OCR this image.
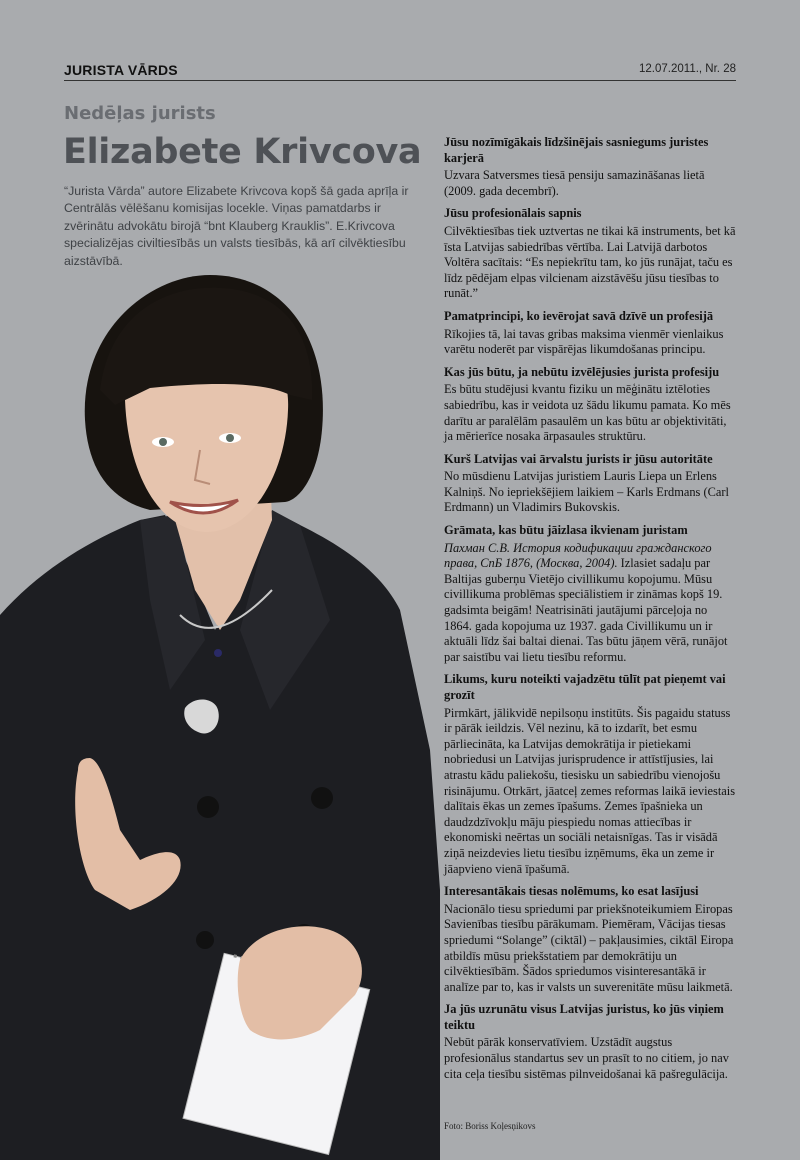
JURISTA VĀRDS	12.07.2011., Nr. 28
Nedēļas jurists
Elizabete Krivcova
“Jurista Vārda” autore Elizabete Krivcova kopš šā gada aprīļa ir Centrālās vēlēšanu komisijas locekle. Viņas pamatdarbs ir zvērinātu advokātu birojā “bnt Klauberg Krauklis”. E.Krivcova specializējas civiltiesībās un valsts tiesībās, kā arī cilvēktiesību aizstāvībā.

Jūsu nozīmīgākais līdzšinējais sasniegums juristes karjerā

Uzvara Satversmes tiesā pensiju samazināšanas lietā (2009. gada decembrī).

Jūsu profesionālais sapnis

Cilvēktiesības tiek uztvertas ne tikai kā instruments, bet kā īsta Latvijas sabiedrības vērtība. Lai Latvijā darbotos Voltēra sacītais: “Es nepiekrītu tam, ko jūs runājat, taču es līdz pēdējam elpas vilcienam aizstāvēšu jūsu tiesības to runāt.”

Pamatprincipi, ko ievērojat savā dzīvē un profesijā

Rīkojies tā, lai tavas gribas maksima vienmēr vienlaikus varētu noderēt par vispārējas likumdošanas principu.

Kas jūs būtu, ja nebūtu izvēlējusies jurista profesiju

Es būtu studējusi kvantu fiziku un mēģinātu iztēloties sabiedrību, kas ir veidota uz šādu likumu pamata. Ko mēs darītu ar paralēlām pasaulēm un kas būtu ar objektivitāti, ja mērierīce nosaka ārpasaules struktūru.

Kurš Latvijas vai ārvalstu jurists ir jūsu autoritāte

No mūsdienu Latvijas juristiem Lauris Liepa un Erlens Kalniņš. No iepriekšējiem laikiem – Karls Erdmans (Carl Erdmann) un Vladimirs Bukovskis.

Grāmata, kas būtu jāizlasa ikvienam juristam

Пахман С.В. История кодификации гражданского права, СпБ 1876, (Москва, 2004). Izlasiet sadaļu par Baltijas guberņu Vietējo civillikumu kopojumu. Mūsu civillikuma problēmas speciālistiem ir zināmas kopš 19. gadsimta beigām! Neatrisināti jautājumi pārceļoja no 1864. gada kopojuma uz 1937. gada Civillikumu un ir aktuāli līdz šai baltai dienai. Tas būtu jāņem vērā, runājot par saistību vai lietu tiesību reformu.

Likums, kuru noteikti vajadzētu tūlīt pat pieņemt vai grozīt

Pirmkārt, jālikvidē nepilsoņu institūts. Šis pagaidu statuss ir pārāk ieildzis. Vēl nezinu, kā to izdarīt, bet esmu pārliecināta, ka Latvijas demokrātija ir pietiekami nobriedusi un Latvijas jurisprudence ir attīstījusies, lai atrastu kādu paliekošu, tiesisku un sabiedrību vienojošu risinājumu. Otrkārt, jāatceļ zemes reformas laikā ieviestais dalītais ēkas un zemes īpašums. Zemes īpašnieka un daudzdzīvokļu māju piespiedu nomas attiecības ir ekonomiski neērtas un sociāli netaisnīgas. Tas ir visādā ziņā neizdevies lietu tiesību izņēmums, ēka un zeme ir jāapvieno vienā īpašumā.

Interesantākais tiesas nolēmums, ko esat lasījusi

Nacionālo tiesu spriedumi par priekšnoteikumiem Eiropas Savienības tiesību pārākumam. Piemēram, Vācijas tiesas spriedumi “Solange” (ciktāl) – pakļausimies, ciktāl Eiropa atbildīs mūsu priekšstatiem par demokrātiju un cilvēktiesībām. Šādos spriedumos visinteresantākā ir analīze par to, kas ir valsts un suverenitāte mūsu laikmetā.

Ja jūs uzrunātu visus Latvijas juristus, ko jūs viņiem teiktu

Nebūt pārāk konservatīviem. Uzstādīt augstus profesionālus standartus sev un prasīt to no citiem, jo nav cita ceļa tiesību sistēmas pilnveidošanai kā pašregulācija.

Foto: Boriss Koļesņikovs
